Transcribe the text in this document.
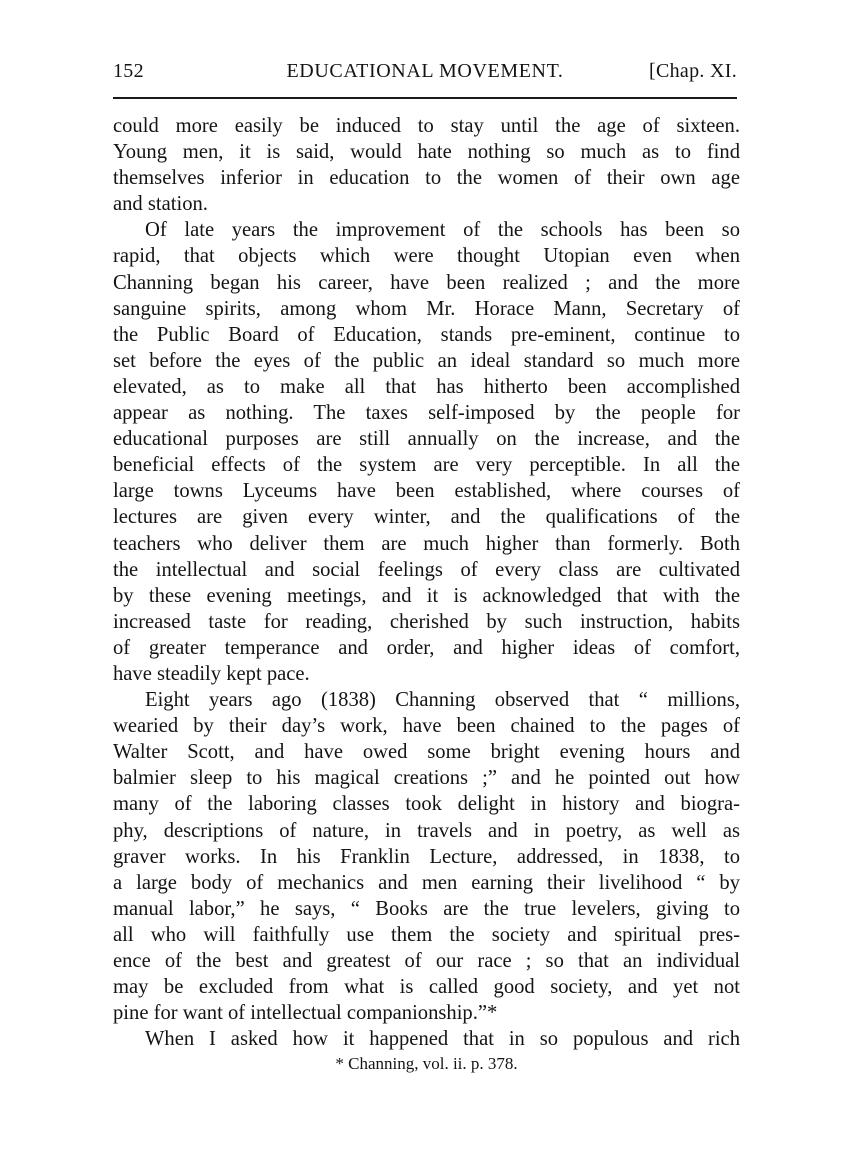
152	EDUCATIONAL MOVEMENT.	[Chap. XI.
could more easily be induced to stay until the age of sixteen.
Young men, it is said, would hate nothing so much as to find
themselves inferior in education to the women of their own age
and station.
Of late years the improvement of the schools has been so
rapid, that objects which were thought Utopian even when
Channing began his career, have been realized ; and the more
sanguine spirits, among whom Mr. Horace Mann, Secretary of
the Public Board of Education, stands pre-eminent, continue to
set before the eyes of the public an ideal standard so much more
elevated, as to make all that has hitherto been accomplished
appear as nothing. The taxes self-imposed by the people for
educational purposes are still annually on the increase, and the
beneficial effects of the system are very perceptible. In all the
large towns Lyceums have been established, where courses of
lectures are given every winter, and the qualifications of the
teachers who deliver them are much higher than formerly. Both
the intellectual and social feelings of every class are cultivated
by these evening meetings, and it is acknowledged that with the
increased taste for reading, cherished by such instruction, habits
of greater temperance and order, and higher ideas of comfort,
have steadily kept pace.
Eight years ago (1838) Channing observed that “ millions,
wearied by their day’s work, have been chained to the pages of
Walter Scott, and have owed some bright evening hours and
balmier sleep to his magical creations ;” and he pointed out how
many of the laboring classes took delight in history and biogra-
phy, descriptions of nature, in travels and in poetry, as well as
graver works. In his Franklin Lecture, addressed, in 1838, to
a large body of mechanics and men earning their livelihood “ by
manual labor,” he says, “ Books are the true levelers, giving to
all who will faithfully use them the society and spiritual pres-
ence of the best and greatest of our race ; so that an individual
may be excluded from what is called good society, and yet not
pine for want of intellectual companionship.”*
When I asked how it happened that in so populous and rich
* Channing, vol. ii. p. 378.
